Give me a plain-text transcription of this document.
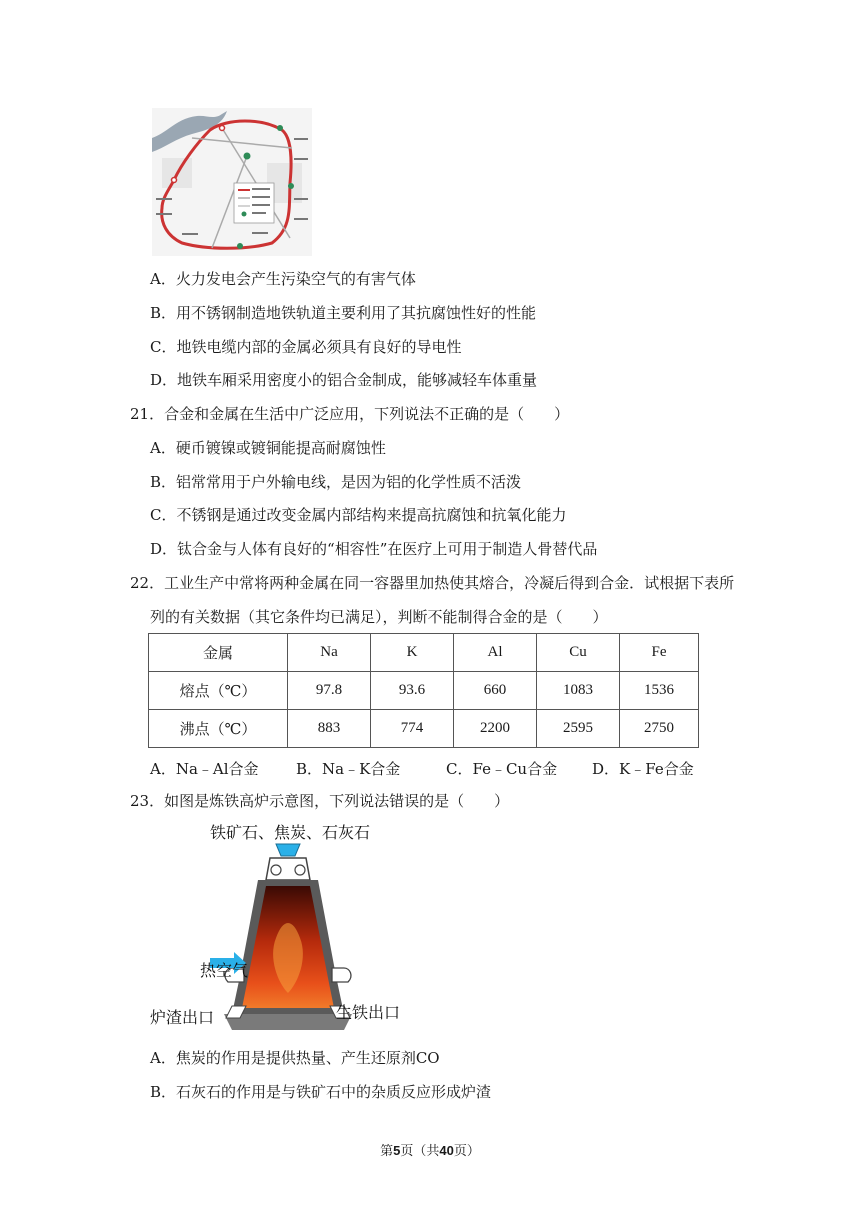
A．火力发电会产生污染空气的有害气体
B．用不锈钢制造地铁轨道主要利用了其抗腐蚀性好的性能
C．地铁电缆内部的金属必须具有良好的导电性
D．地铁车厢采用密度小的铝合金制成，能够减轻车体重量
21．合金和金属在生活中广泛应用，下列说法不正确的是（　　）
A．硬币镀镍或镀铜能提高耐腐蚀性
B．铝常常用于户外输电线，是因为铝的化学性质不活泼
C．不锈钢是通过改变金属内部结构来提高抗腐蚀和抗氧化能力
D．钛合金与人体有良好的“相容性”在医疗上可用于制造人骨替代品
22．工业生产中常将两种金属在同一容器里加热使其熔合，冷凝后得到合金．试根据下表所
列的有关数据（其它条件均已满足），判断不能制得合金的是（　　）
金属	Na	K	Al	Cu	Fe
熔点（℃）	97.8	93.6	660	1083	1536
沸点（℃）	883	774	2200	2595	2750
A．Na﹣Al合金 B．Na﹣K合金	C．Fe﹣Cu合金 D．K﹣Fe合金
23．如图是炼铁高炉示意图，下列说法错误的是（　　）
铁矿石、焦炭、石灰石
热空气
炉渣出口	生铁出口
A．焦炭的作用是提供热量、产生还原剂CO
B．石灰石的作用是与铁矿石中的杂质反应形成炉渣
第5页（共40页）
